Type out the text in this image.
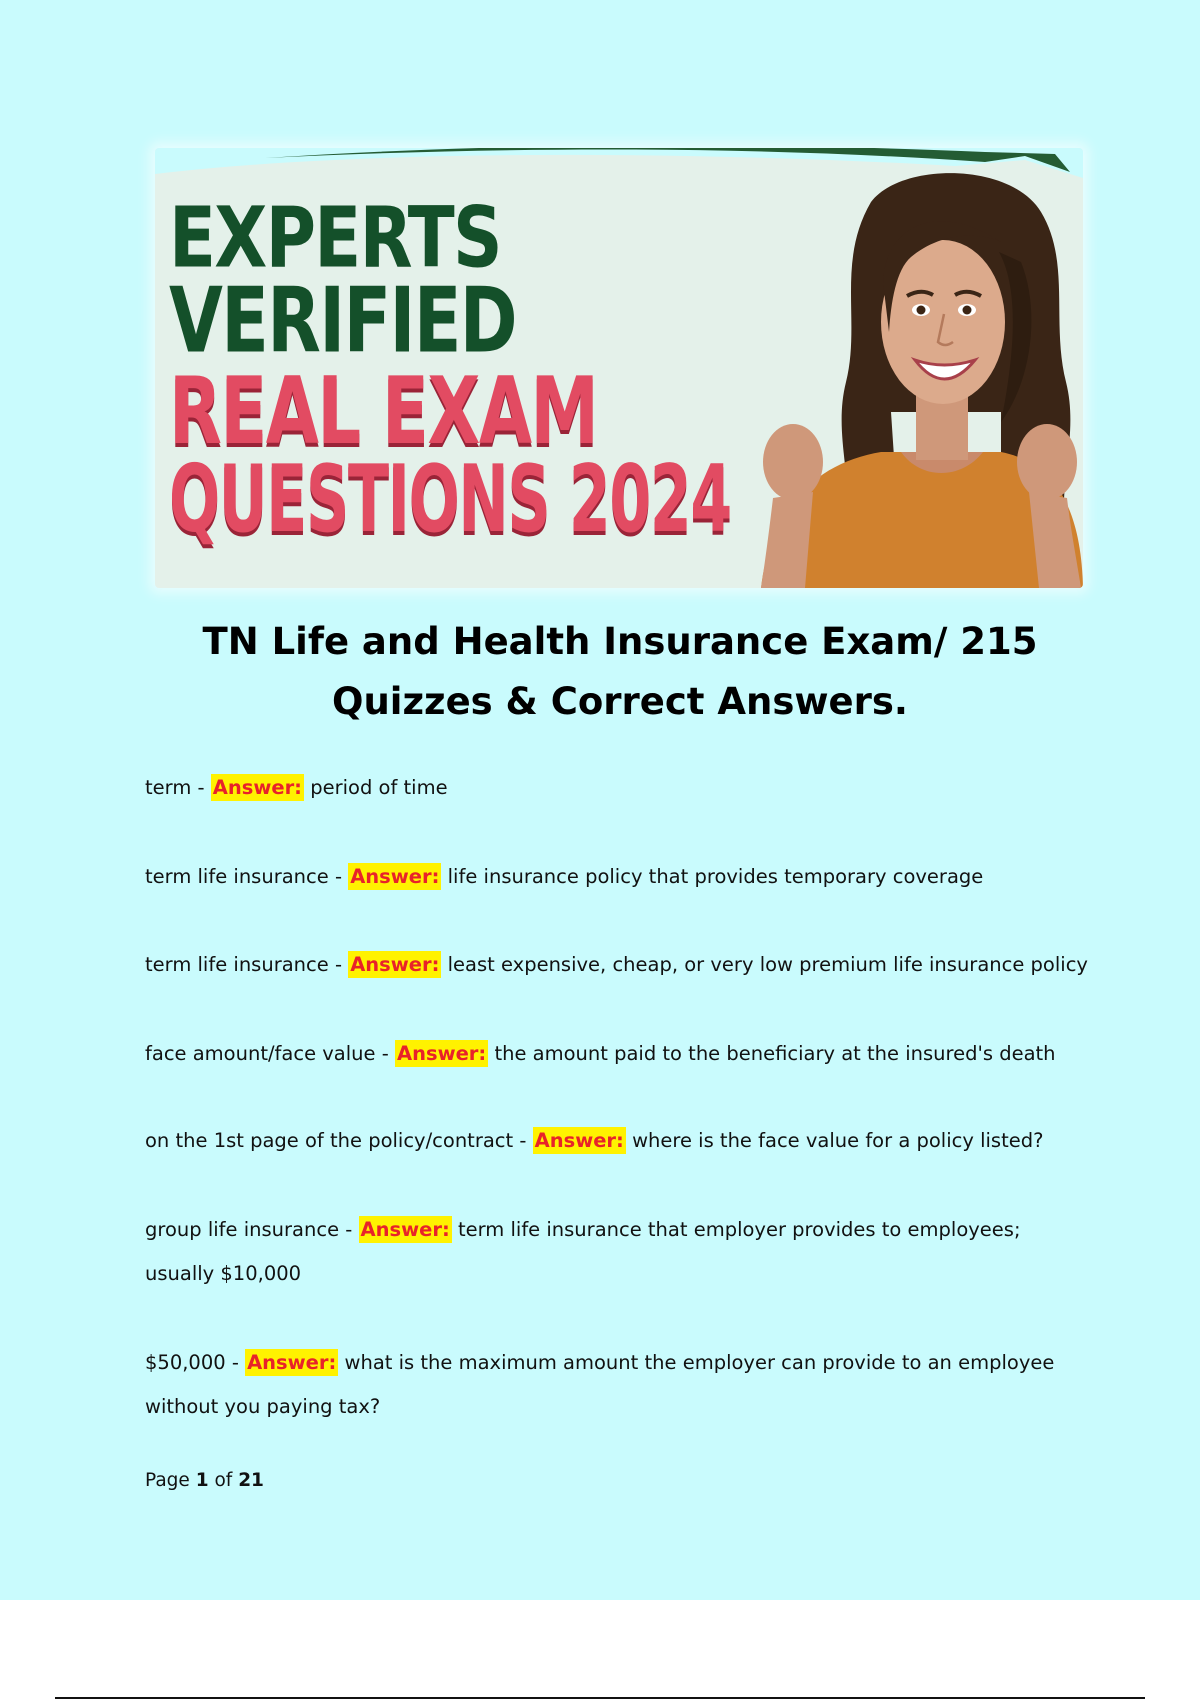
EXPERTS
VERIFIED
REAL EXAM
QUESTIONS 2024
TN Life and Health Insurance Exam/ 215 Quizzes & Correct Answers.

term - Answer: period of time

term life insurance - Answer: life insurance policy that provides temporary coverage

term life insurance - Answer: least expensive, cheap, or very low premium life insurance policy

face amount/face value - Answer: the amount paid to the beneficiary at the insured's death

on the 1st page of the policy/contract - Answer: where is the face value for a policy listed?

group life insurance - Answer: term life insurance that employer provides to employees; usually $10,000

$50,000 - Answer: what is the maximum amount the employer can provide to an employee without you paying tax?

Page 1 of 21
